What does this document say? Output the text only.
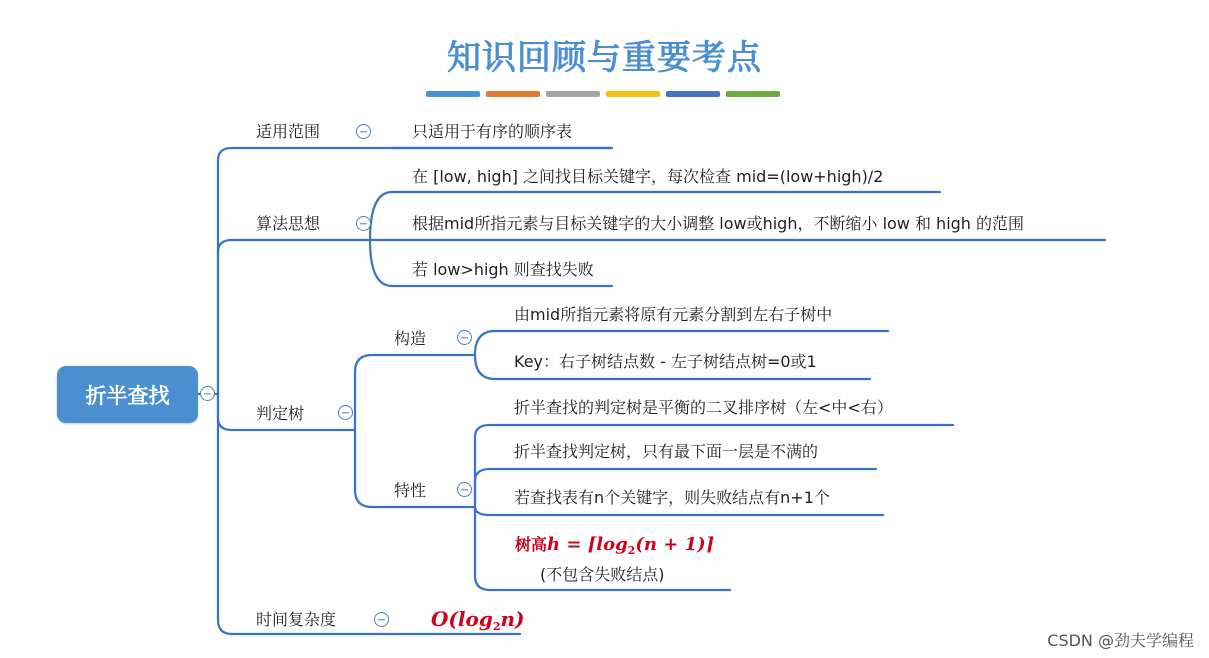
知识回顾与重要考点
折半查找
适用范围	只适用于有序的顺序表
算法思想
在 [low, high] 之间找目标关键字，每次检查 mid=(low+high)/2
根据mid所指元素与目标关键字的大小调整 low或high，不断缩小 low 和 high 的范围
若 low>high 则查找失败
判定树
构造
由mid所指元素将原有元素分割到左右子树中
Key：右子树结点数 - 左子树结点树=0或1
特性
折半查找的判定树是平衡的二叉排序树（左<中<右）
折半查找判定树，只有最下面一层是不满的
若查找表有n个关键字，则失败结点有n+1个
树高$h = ⌈\log_2(n$ + 1)⌉
(不包含失败结点)
时间复杂度	$O(\log_2n)$
CSDN @劲夫学编程
